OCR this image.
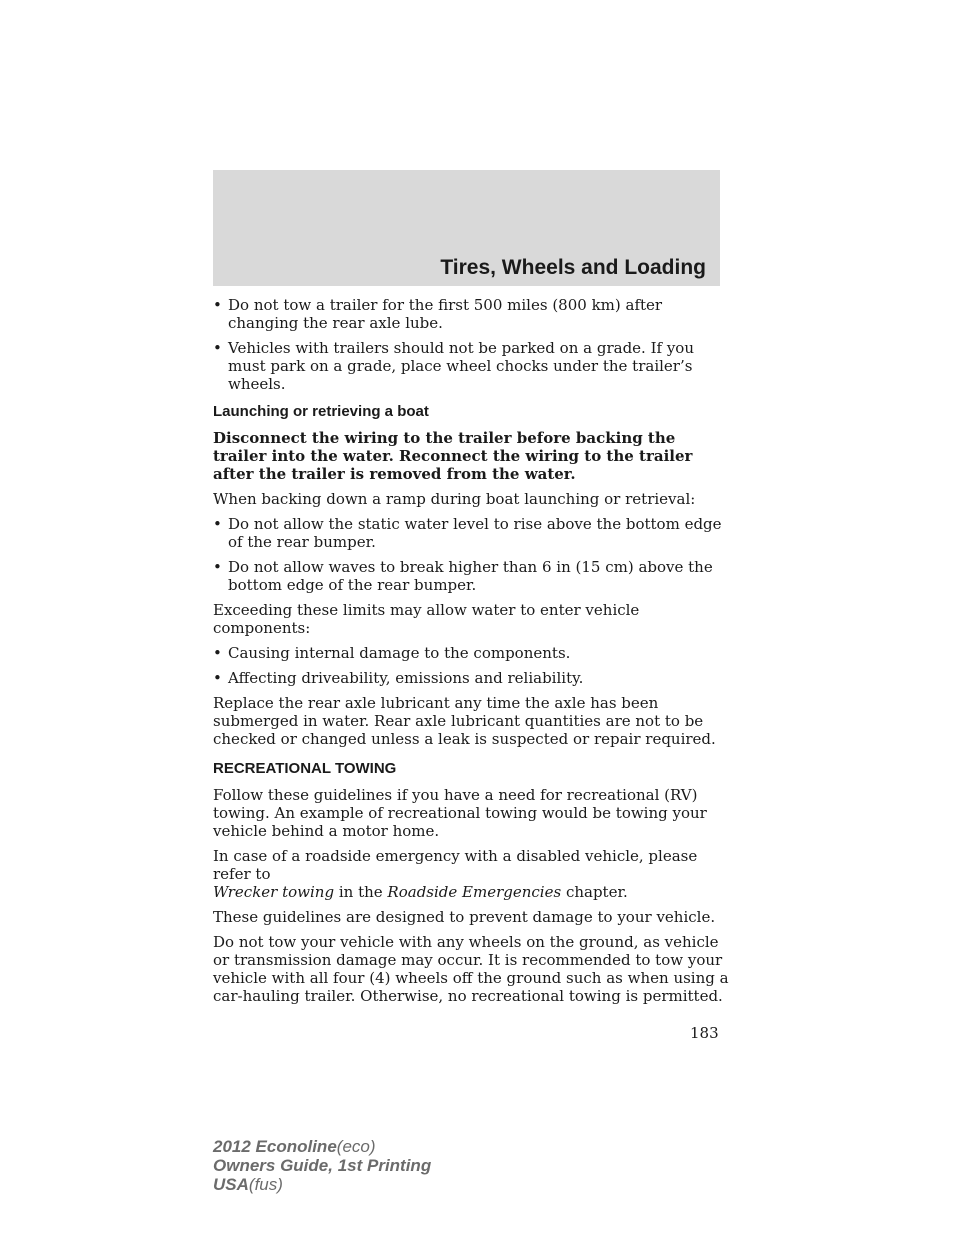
Tires, Wheels and Loading
• Do not tow a trailer for the first 500 miles (800 km) after changing the rear axle lube.
• Vehicles with trailers should not be parked on a grade. If you must park on a grade, place wheel chocks under the trailer’s wheels.
Launching or retrieving a boat

Disconnect the wiring to the trailer before backing the trailer into the water. Reconnect the wiring to the trailer after the trailer is removed from the water.

When backing down a ramp during boat launching or retrieval:

• Do not allow the static water level to rise above the bottom edge of the rear bumper.
• Do not allow waves to break higher than 6 in (15 cm) above the bottom edge of the rear bumper.

Exceeding these limits may allow water to enter vehicle components:

• Causing internal damage to the components.
• Affecting driveability, emissions and reliability.

Replace the rear axle lubricant any time the axle has been submerged in water. Rear axle lubricant quantities are not to be checked or changed unless a leak is suspected or repair required.

RECREATIONAL TOWING

Follow these guidelines if you have a need for recreational (RV) towing. An example of recreational towing would be towing your vehicle behind a motor home.

In case of a roadside emergency with a disabled vehicle, please refer to
Wrecker towing in the Roadside Emergencies chapter.

These guidelines are designed to prevent damage to your vehicle.

Do not tow your vehicle with any wheels on the ground, as vehicle or transmission damage may occur. It is recommended to tow your vehicle with all four (4) wheels off the ground such as when using a car-hauling trailer. Otherwise, no recreational towing is permitted.

183
2012 Econoline(eco)
Owners Guide, 1st Printing
USA(fus)
